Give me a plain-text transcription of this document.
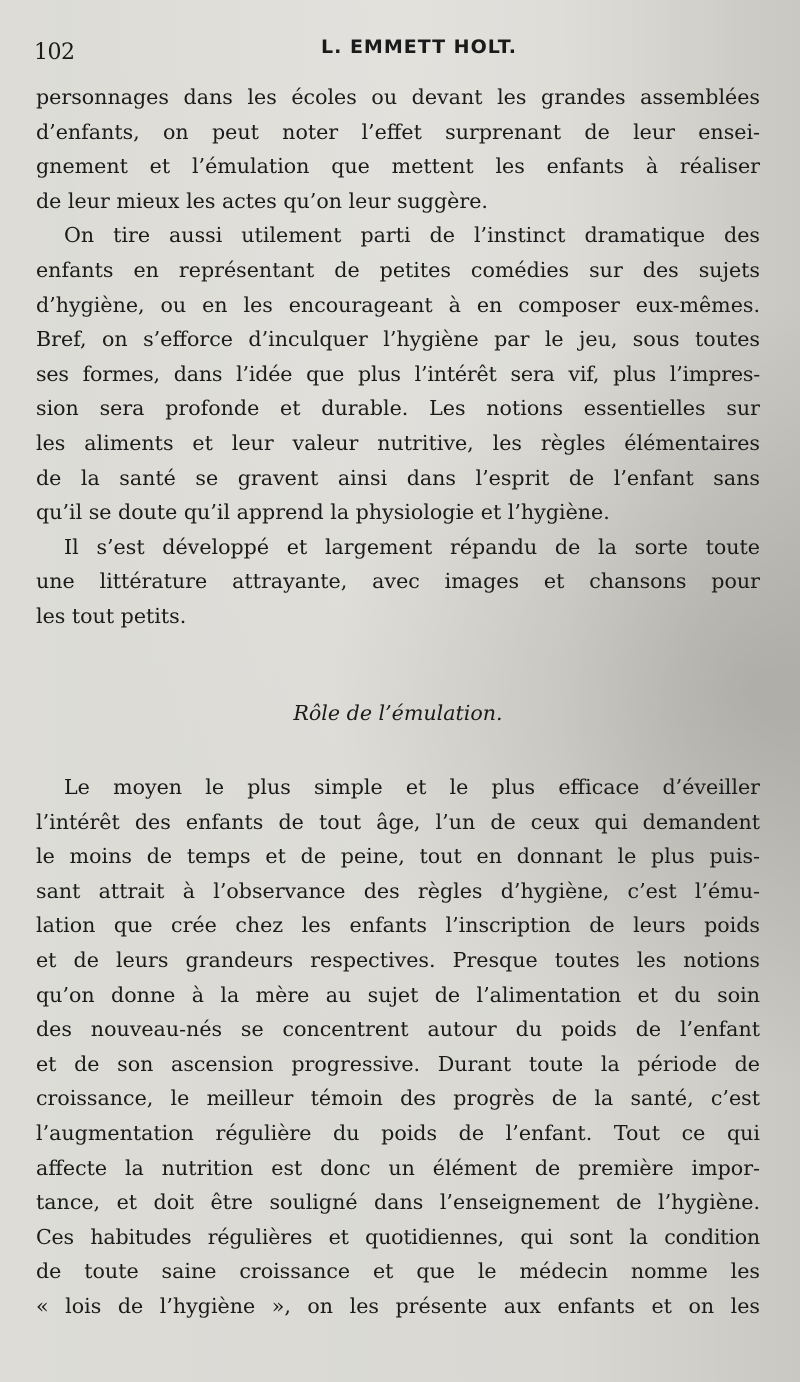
102	L. EMMETT HOLT.
personnages dans les écoles ou devant les grandes assemblées
d’enfants, on peut noter l’effet surprenant de leur ensei-
gnement et l’émulation que mettent les enfants à réaliser
de leur mieux les actes qu’on leur suggère.
On tire aussi utilement parti de l’instinct dramatique des
enfants en représentant de petites comédies sur des sujets
d’hygiène, ou en les encourageant à en composer eux-mêmes.
Bref, on s’efforce d’inculquer l’hygiène par le jeu, sous toutes
ses formes, dans l’idée que plus l’intérêt sera vif, plus l’impres-
sion sera profonde et durable. Les notions essentielles sur
les aliments et leur valeur nutritive, les règles élémentaires
de la santé se gravent ainsi dans l’esprit de l’enfant sans
qu’il se doute qu’il apprend la physiologie et l’hygiène.
Il s’est développé et largement répandu de la sorte toute
une littérature attrayante, avec images et chansons pour
les tout petits.
Rôle de l’émulation.
Le moyen le plus simple et le plus efficace d’éveiller
l’intérêt des enfants de tout âge, l’un de ceux qui demandent
le moins de temps et de peine, tout en donnant le plus puis-
sant attrait à l’observance des règles d’hygiène, c’est l’ému-
lation que crée chez les enfants l’inscription de leurs poids
et de leurs grandeurs respectives. Presque toutes les notions
qu’on donne à la mère au sujet de l’alimentation et du soin
des nouveau-nés se concentrent autour du poids de l’enfant
et de son ascension progressive. Durant toute la période de
croissance, le meilleur témoin des progrès de la santé, c’est
l’augmentation régulière du poids de l’enfant. Tout ce qui
affecte la nutrition est donc un élément de première impor-
tance, et doit être souligné dans l’enseignement de l’hygiène.
Ces habitudes régulières et quotidiennes, qui sont la condition
de toute saine croissance et que le médecin nomme les
« lois de l’hygiène », on les présente aux enfants et on les
